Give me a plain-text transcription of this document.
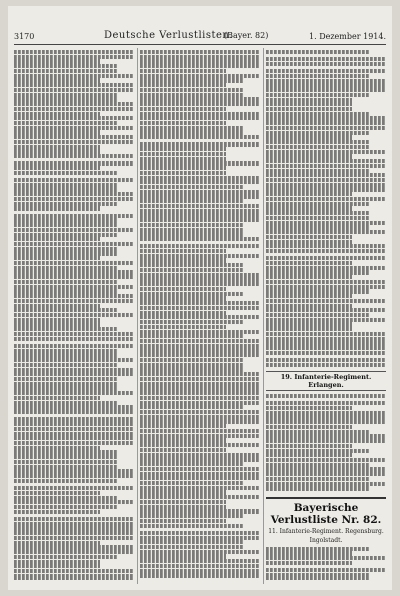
3170	Deutsche Verlustlisten.
(Bayer. 82)	1. Dezember 1914.
19. Infanterie-Regiment. Erlangen.
Bayerische Verlustliste Nr. 82.
11. Infanterie-Regiment. Regensburg.
Ingolstadt.
